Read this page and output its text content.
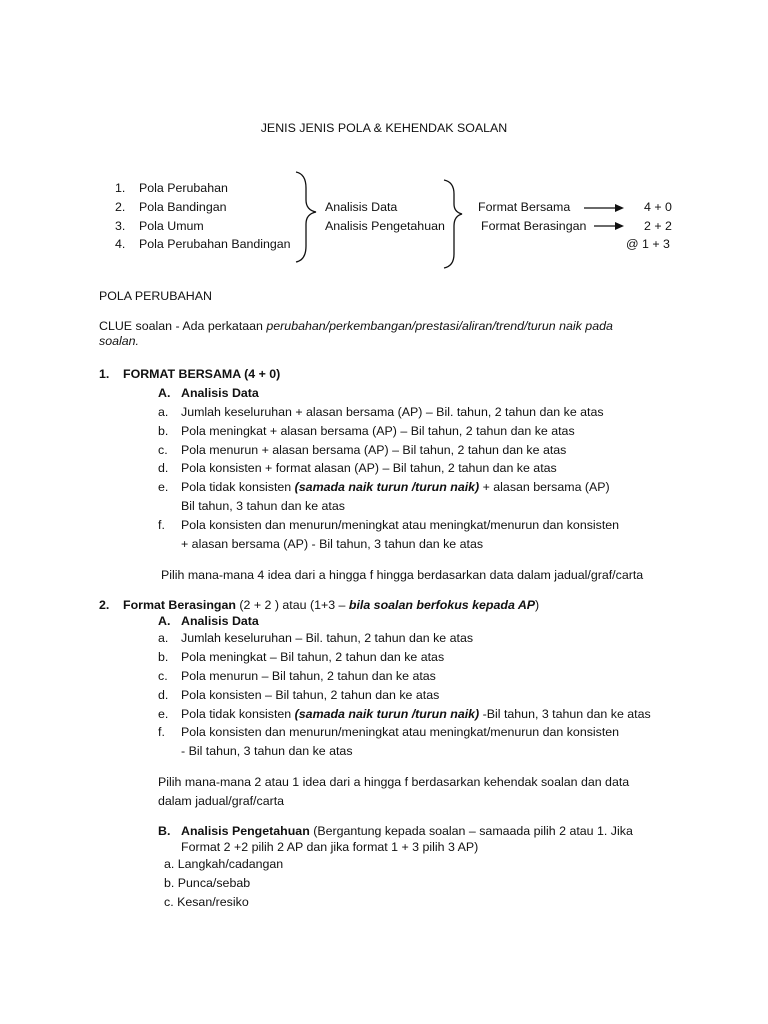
JENIS JENIS POLA & KEHENDAK SOALAN
1. Pola Perubahan
2. Pola Bandingan
3. Pola Umum
4. Pola Perubahan Bandingan
Analisis Data
Analisis Pengetahuan
Format Bersama
Format Berasingan
4 + 0
2 + 2
@ 1 + 3
POLA PERUBAHAN
CLUE soalan - Ada perkataan perubahan/perkembangan/prestasi/aliran/trend/turun naik pada
soalan.
1. FORMAT BERSAMA (4 + 0)
A. Analisis Data
a. Jumlah keseluruhan + alasan bersama (AP) – Bil. tahun, 2 tahun dan ke atas
b. Pola meningkat + alasan bersama (AP) – Bil tahun, 2 tahun dan ke atas
c. Pola menurun + alasan bersama (AP) – Bil tahun, 2 tahun dan ke atas
d. Pola konsisten + format alasan (AP) – Bil tahun, 2 tahun dan ke atas
e. Pola tidak konsisten (samada naik turun /turun naik) + alasan bersama (AP)
Bil tahun, 3 tahun dan ke atas
f. Pola konsisten dan menurun/meningkat atau meningkat/menurun dan konsisten
+ alasan bersama (AP) - Bil tahun, 3 tahun dan ke atas
Pilih mana-mana 4 idea dari a hingga f hingga berdasarkan data dalam jadual/graf/carta
2. Format Berasingan (2 + 2 ) atau (1+3 – bila soalan berfokus kepada AP)
A. Analisis Data
a. Jumlah keseluruhan – Bil. tahun, 2 tahun dan ke atas
b. Pola meningkat – Bil tahun, 2 tahun dan ke atas
c. Pola menurun – Bil tahun, 2 tahun dan ke atas
d. Pola konsisten – Bil tahun, 2 tahun dan ke atas
e. Pola tidak konsisten (samada naik turun /turun naik) -Bil tahun, 3 tahun dan ke atas
f. Pola konsisten dan menurun/meningkat atau meningkat/menurun dan konsisten
- Bil tahun, 3 tahun dan ke atas
Pilih mana-mana 2 atau 1 idea dari a hingga f berdasarkan kehendak soalan dan data
dalam jadual/graf/carta
B. Analisis Pengetahuan (Bergantung kepada soalan – samaada pilih 2 atau 1. Jika
Format 2 +2 pilih 2 AP dan jika format 1 + 3 pilih 3 AP)
a. Langkah/cadangan
b. Punca/sebab
c. Kesan/resiko
